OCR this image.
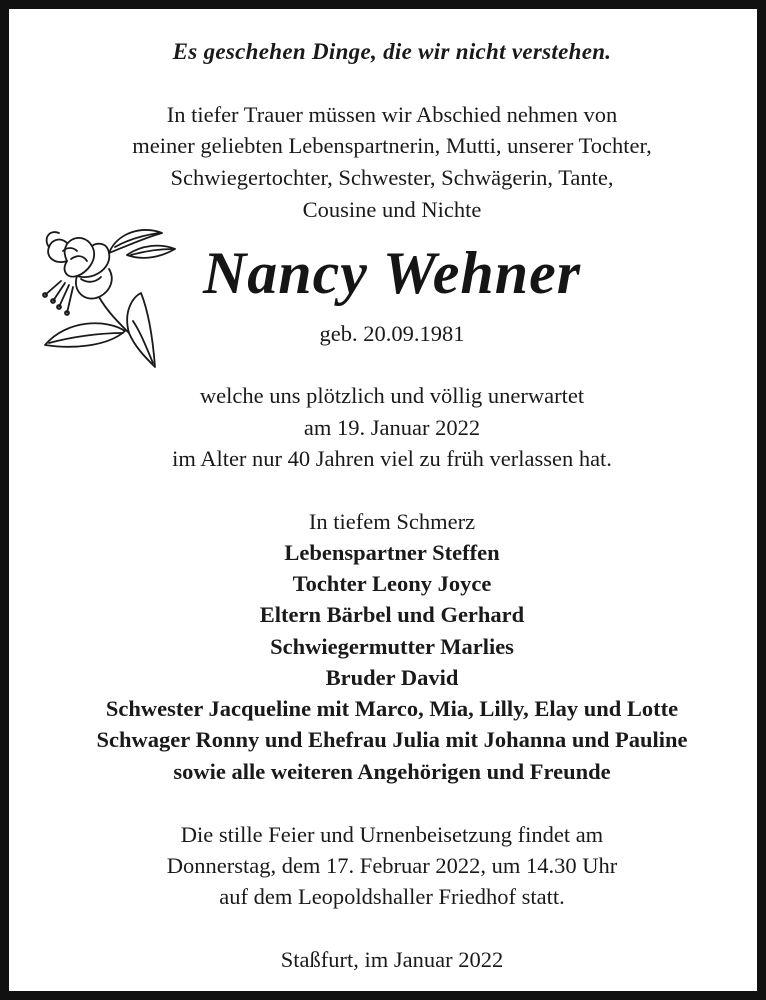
Es geschehen Dinge, die wir nicht verstehen.
In tiefer Trauer müssen wir Abschied nehmen von
meiner geliebten Lebenspartnerin, Mutti, unserer Tochter,
Schwiegertochter, Schwester, Schwägerin, Tante,
Cousine und Nichte
Nancy Wehner
geb. 20.09.1981
welche uns plötzlich und völlig unerwartet
am 19. Januar 2022
im Alter nur 40 Jahren viel zu früh verlassen hat.
In tiefem Schmerz
Lebenspartner Steffen
Tochter Leony Joyce
Eltern Bärbel und Gerhard
Schwiegermutter Marlies
Bruder David
Schwester Jacqueline mit Marco, Mia, Lilly, Elay und Lotte
Schwager Ronny und Ehefrau Julia mit Johanna und Pauline
sowie alle weiteren Angehörigen und Freunde
Die stille Feier und Urnenbeisetzung findet am
Donnerstag, dem 17. Februar 2022, um 14.30 Uhr
auf dem Leopoldshaller Friedhof statt.
Staßfurt, im Januar 2022
